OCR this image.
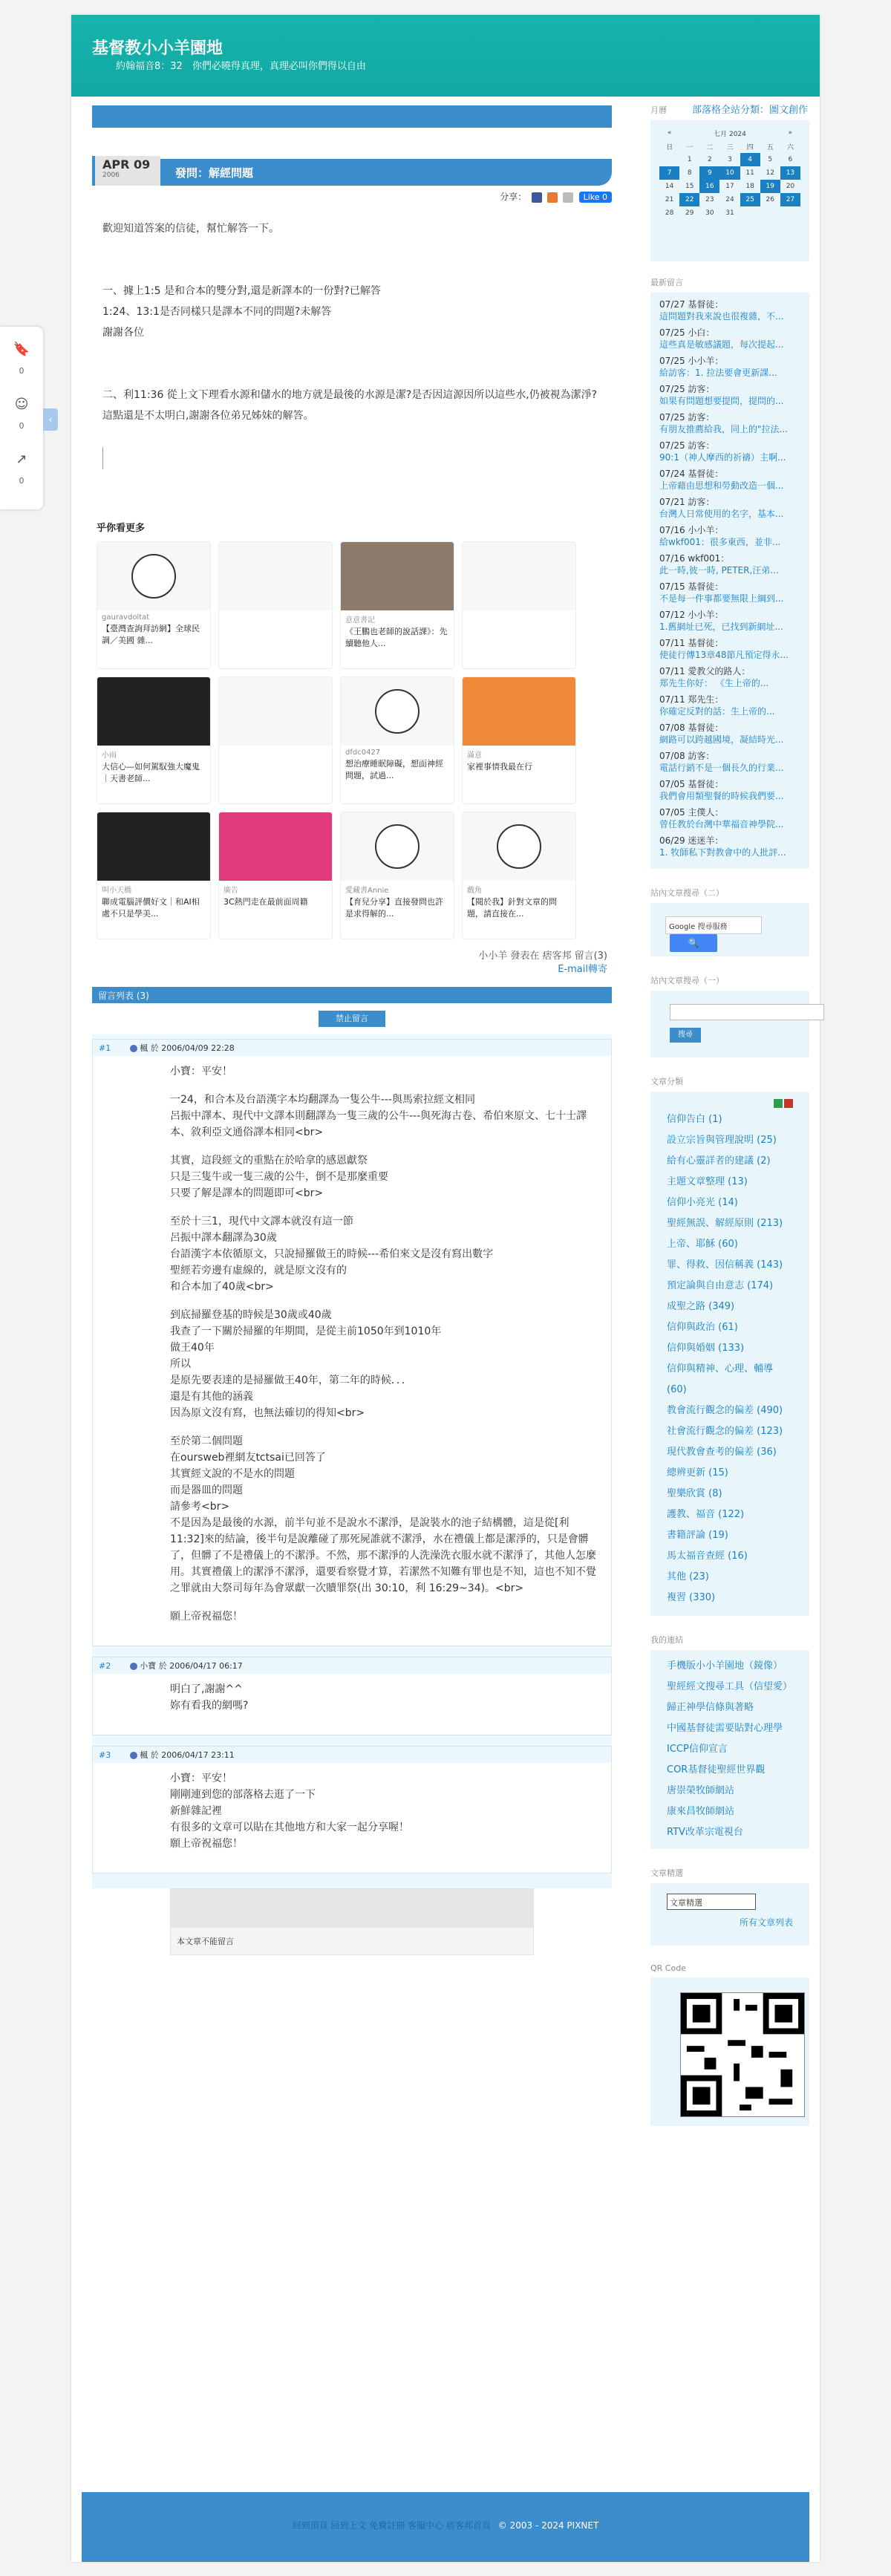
基督教小小羊園地
約翰福音8：32　你們必曉得真理，真理必叫你們得以自由
部落格全站分類：圖文創作
APR 09
2006	發問：解經問題
分享：	Like 0

歡迎知道答案的信徒，幫忙解答一下。

一、據上1:5 是和合本的雙分對,還是新譯本的一份對?已解答
1:24、13:1是否同樣只是譯本不同的問題?未解答

謝謝各位

二、利11:36 從上文下理看水源和儲水的地方就是最後的水源是潔?是否因這源因所以這些水,仍被視為潔淨?

這點還是不太明白,謝謝各位弟兄姊妹的解答。

乎你看更多
gauravdoltat
【臺灣查詢拜訪網】全球民調／美國 雜...
意意書記
《王鵬也老師的說話課》：先續聽他人...
小雨
大信心—如何駕馭強大魔鬼｜天書老師...
dfdc0427
想治療睡眠障礙，想面神經問題，試過...
滿意
家裡事情我最在行
叫小天橋
聯成電腦評價好文｜和AI相處不只是學美...
廣告
3C熱門走在最前面周籍
愛藏書Annie
【育兒分享】直接發問也許是求得解的...
戲角
【閱於我】針對文章的問題，請直接在...
小小羊 發表在 痞客邦 留言(3)
E-mail轉寄
留言列表 (3)
禁止留言
#1	楓 於 2006/04/09 22:28

小寶：平安！

一24，和合本及台語漢字本均翻譯為一隻公牛---與馬索拉經文相同
呂振中譯本、現代中文譯本則翻譯為一隻三歲的公牛---與死海古卷、希伯來原文、七十士譯本、敘利亞文通俗譯本相同<br>

其實，這段經文的重點在於哈拿的感恩獻祭
只是三隻牛或一隻三歲的公牛，倒不是那麼重要
只要了解是譯本的問題即可<br>

至於十三1，現代中文譯本就沒有這一節
呂振中譯本翻譯為30歲
台語漢字本依循原文，只說掃羅做王的時候---希伯來文是沒有寫出數字
聖經若旁邊有虛線的，就是原文沒有的
和合本加了40歲<br>

到底掃羅登基的時候是30歲或40歲
我查了一下關於掃羅的年期間，是從主前1050年到1010年
做王40年
所以
是原先要表達的是掃羅做王40年，第二年的時候．．．
還是有其他的涵義
因為原文沒有寫，也無法確切的得知<br>

至於第二個問題
在oursweb裡網友tctsai已回答了
其實經文說的不是水的問題
而是器皿的問題
請參考<br>
不是因為是最後的水源，前半句並不是說水不潔淨，是說裝水的池子結構體，這是從[利 11:32]來的結論，後半句是說離碰了那死屍誰就不潔淨，水在禮儀上都是潔淨的，只是會髒了，但髒了不是禮儀上的不潔淨。不然，那不潔淨的人洗澡洗衣服水就不潔淨了，其他人怎麼用。其實禮儀上的潔淨不潔淨，還要看察覺才算，若潔然不知難有罪也是不知，這也不知不覺之罪就由大祭司每年為會眾獻一次贖罪祭(出 30:10，利 16:29~34)。<br>

願上帝祝福您！

#2	小寶 於 2006/04/17 06:17

明白了,謝謝^^
妳有看我的網嗎?

#3	楓 於 2006/04/17 23:11

小寶：平安！
剛剛連到您的部落格去逛了一下
新鮮雜記裡
有很多的文章可以貼在其他地方和大家一起分享喔！
願上帝祝福您！

本文章不能留言
月曆
«	七月 2024					»
日	一	二	三	四	五	六
	1	2	3	4	5	6
7	8	9	10	11	12	13
14	15	16	17	18	19	20
21	22	23	24	25	26	27
28	29	30	31			
最新留言
07/27 基督徒：
這問題對我來說也很複雜，不...
07/25 小白：
這些真是敏感議題，每次提起...
07/25 小小羊：
給訪客：1. 拉法要會更新課...
07/25 訪客：
如果有問題想要提問，提問的...
07/25 訪客：
有朋友推薦給我，同上的"拉法...
07/25 訪客：
90:1（神人摩西的祈禱）主啊...
07/24 基督徒：
上帝藉由思想和勞動改造一個...
07/21 訪客：
台灣人日常使用的名字，基本...
07/16 小小羊：
給wkf001：很多東西，並非...
07/16 wkf001：
此一時,彼一時, PETER,汪弟...
07/15 基督徒：
不是每一件事都要無限上綱到...
07/12 小小羊：
1.舊網址已死，已找到新網址...
07/11 基督徒：
使徒行傳13章48節凡預定得永...
07/11 愛教父的路人：
郑先生你好： 《生上帝的...
07/11 郑先生：
你確定反對的話：生上帝的...
07/08 基督徒：
網路可以跨越國境，凝結時光...
07/08 訪客：
電話行銷不是一個長久的行業...
07/05 基督徒：
我們會用類聖餐的時候我們要...
07/05 主僕人：
曾任教於台灣中華福音神學院...
06/29 迷迷羊：
1. 牧師私下對教會中的人批評...
站內文章搜尋（二）
Google 搜尋服務🔍
站內文章搜尋（一）
搜尋
文章分類
信仰告白 (1)
設立宗旨與管理說明 (25)
給有心靈詳者的建議 (2)
主題文章整理 (13)
信仰小亮光 (14)
聖經無誤、解經原則 (213)
上帝、耶穌 (60)
罪、得救、因信稱義 (143)
預定論與自由意志 (174)
成聖之路 (349)
信仰與政治 (61)
信仰與婚姻 (133)
信仰與精神、心理、輔導 (60)
教會流行觀念的偏差 (490)
社會流行觀念的偏差 (123)
現代教會查考的偏差 (36)
總辨更新 (15)
聖樂欣賞 (8)
護教、福音 (122)
書籍評論 (19)
馬太福音查經 (16)
其他 (23)
複習 (330)
我的連結
手機版小小羊園地（鏡像）
聖經經文搜尋工具（信望愛）
歸正神學信條與著略
中國基督徒需要貼對心理學
ICCP信仰宣言
COR基督徒聖經世界觀
唐崇榮牧師網站
康來昌牧師網站
RTV改革宗電視台
文章精選
文章精選
所有文章列表
QR Code
回到頂頁 回到上文 免費註冊 客服中心 痞客邦首頁 © 2003 - 2024 PIXNET
🔖
0
☺
0
↗
0
‹
